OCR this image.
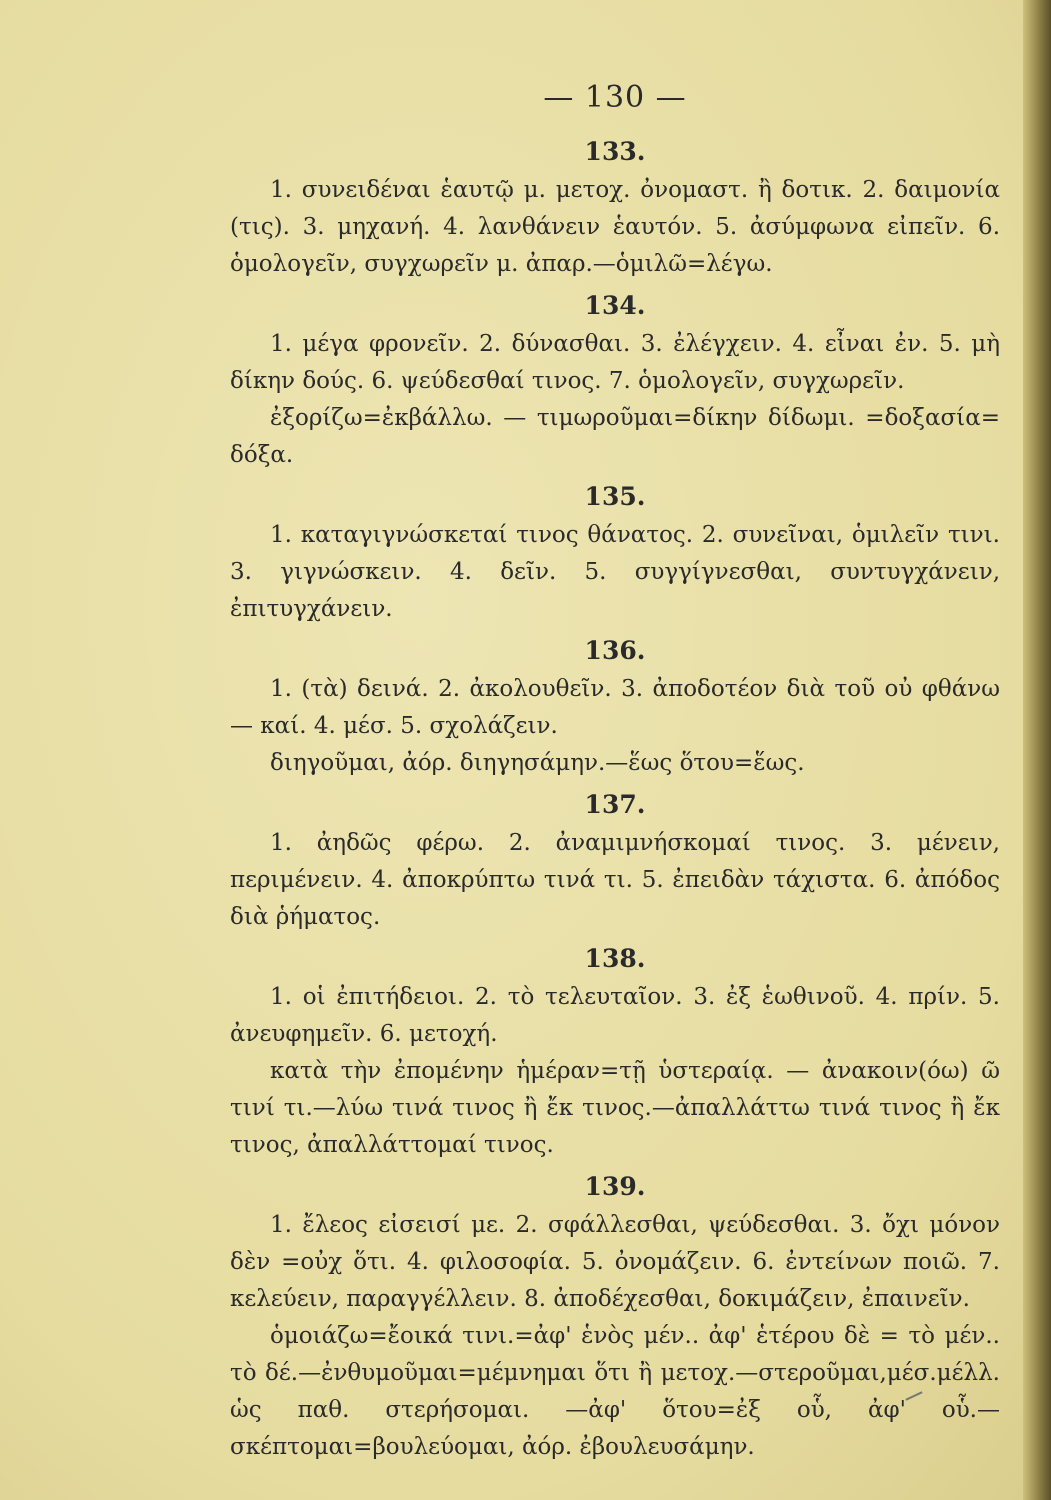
— 130 —
133.

1. συνειδέναι ἑαυτῷ μ. μετοχ. ὀνομαστ. ἢ δοτικ. 2. δαιμονία (τις). 3. μηχανή. 4. λανθάνειν ἑαυτόν. 5. ἀσύμφωνα εἰπεῖν. 6. ὁμολογεῖν, συγχωρεῖν μ. ἀπαρ.—ὁμιλῶ=λέγω.

134.

1. μέγα φρονεῖν. 2. δύνασθαι. 3. ἐλέγχειν. 4. εἶναι ἐν. 5. μὴ δίκην δούς. 6. ψεύδεσθαί τινος. 7. ὁμολογεῖν, συγχωρεῖν.

ἐξορίζω=ἐκβάλλω. — τιμωροῦμαι=δίκην δίδωμι. =δοξασία= δόξα.

135.

1. καταγιγνώσκεταί τινος θάνατος. 2. συνεῖναι, ὁμιλεῖν τινι. 3. γιγνώσκειν. 4. δεῖν. 5. συγγίγνεσθαι, συντυγχάνειν, ἐπιτυγχάνειν.

136.

1. (τὰ) δεινά. 2. ἀκολουθεῖν. 3. ἀποδοτέον διὰ τοῦ οὐ φθάνω— καί. 4. μέσ. 5. σχολάζειν.

διηγοῦμαι, ἀόρ. διηγησάμην.—ἕως ὅτου=ἕως.

137.

1. ἀηδῶς φέρω. 2. ἀναμιμνήσκομαί τινος. 3. μένειν, περιμένειν. 4. ἀποκρύπτω τινά τι. 5. ἐπειδὰν τάχιστα. 6. ἀπόδος διὰ ῥήματος.

138.

1. οἱ ἐπιτήδειοι. 2. τὸ τελευταῖον. 3. ἐξ ἑωθινοῦ. 4. πρίν. 5. ἀνευφημεῖν. 6. μετοχή.

κατὰ τὴν ἐπομένην ἡμέραν=τῇ ὑστεραίᾳ. — ἀνακοιν(όω) ῶ τινί τι.—λύω τινά τινος ἢ ἔκ τινος.—ἀπαλλάττω τινά τινος ἢ ἔκ τινος, ἀπαλλάττομαί τινος.

139.

1. ἔλεος εἰσεισί με. 2. σφάλλεσθαι, ψεύδεσθαι. 3. ὄχι μόνον δὲν =οὐχ ὅτι. 4. φιλοσοφία. 5. ὀνομάζειν. 6. ἐντείνων ποιῶ. 7. κελεύειν, παραγγέλλειν. 8. ἀποδέχεσθαι, δοκιμάζειν, ἐπαινεῖν.

ὁμοιάζω=ἔοικά τινι.=ἀφ' ἑνὸς μέν.. ἀφ' ἑτέρου δὲ = τὸ μέν.. τὸ δέ.—ἐνθυμοῦμαι=μέμνημαι ὅτι ἢ μετοχ.—στεροῦμαι,μέσ.μέλλ. ὡς παθ. στερήσομαι. —ἀφ' ὅτου=ἐξ οὗ, ἀφ' οὗ.—σκέπτομαι=βουλεύομαι, ἀόρ. ἐβουλευσάμην.
